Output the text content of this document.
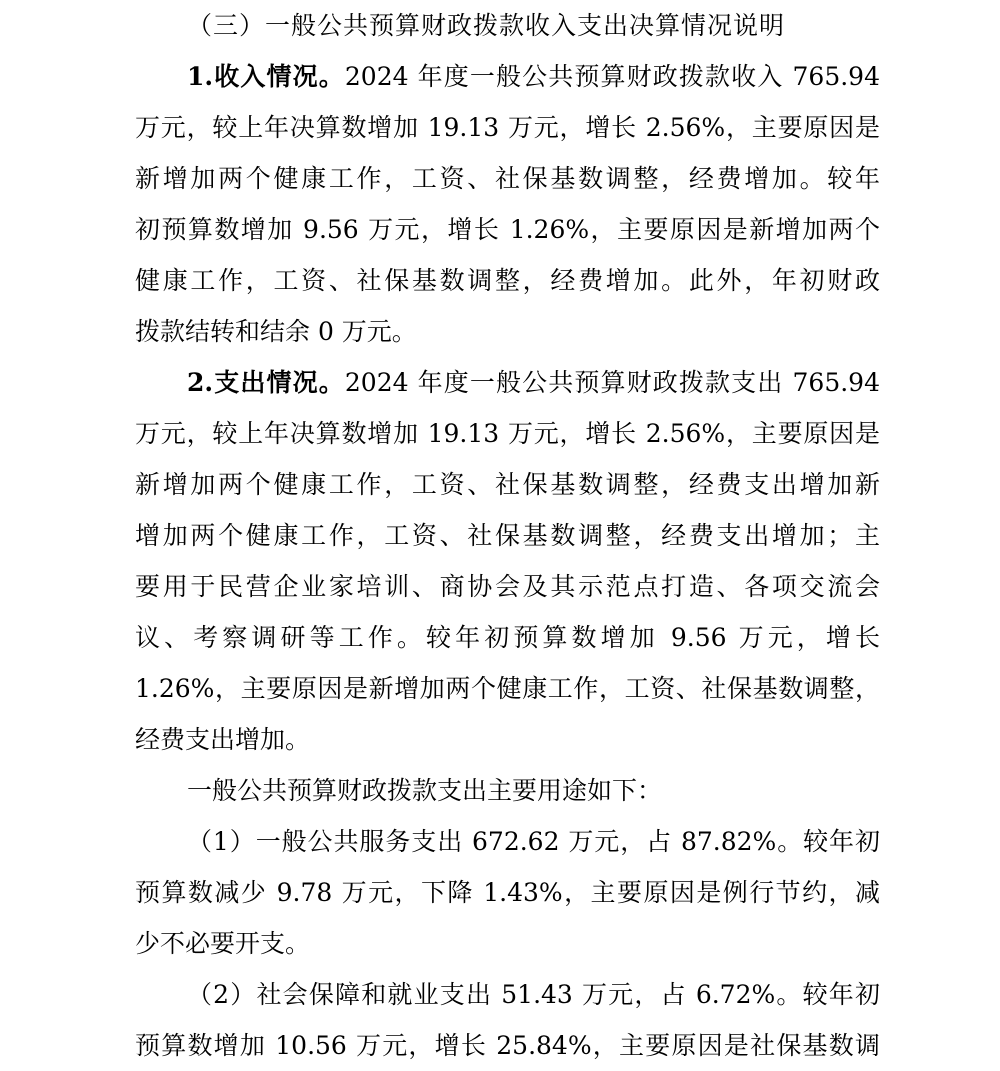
（三）一般公共预算财政拨款收入支出决算情况说明
1.收入情况。2024 年度一般公共预算财政拨款收入 765.94
万元，较上年决算数增加 19.13 万元，增长 2.56%，主要原因是
新增加两个健康工作，工资、社保基数调整，经费增加。较年
初预算数增加 9.56 万元，增长 1.26%，主要原因是新增加两个
健康工作，工资、社保基数调整，经费增加。此外，年初财政
拨款结转和结余 0 万元。
2.支出情况。2024 年度一般公共预算财政拨款支出 765.94
万元，较上年决算数增加 19.13 万元，增长 2.56%，主要原因是
新增加两个健康工作，工资、社保基数调整，经费支出增加新
增加两个健康工作，工资、社保基数调整，经费支出增加；主
要用于民营企业家培训、商协会及其示范点打造、各项交流会
议、考察调研等工作。较年初预算数增加 9.56 万元，增长
1.26%，主要原因是新增加两个健康工作，工资、社保基数调整，
经费支出增加。
一般公共预算财政拨款支出主要用途如下：
（1）一般公共服务支出 672.62 万元，占 87.82%。较年初
预算数减少 9.78 万元，下降 1.43%，主要原因是例行节约，减
少不必要开支。
（2）社会保障和就业支出 51.43 万元，占 6.72%。较年初
预算数增加 10.56 万元，增长 25.84%，主要原因是社保基数调
